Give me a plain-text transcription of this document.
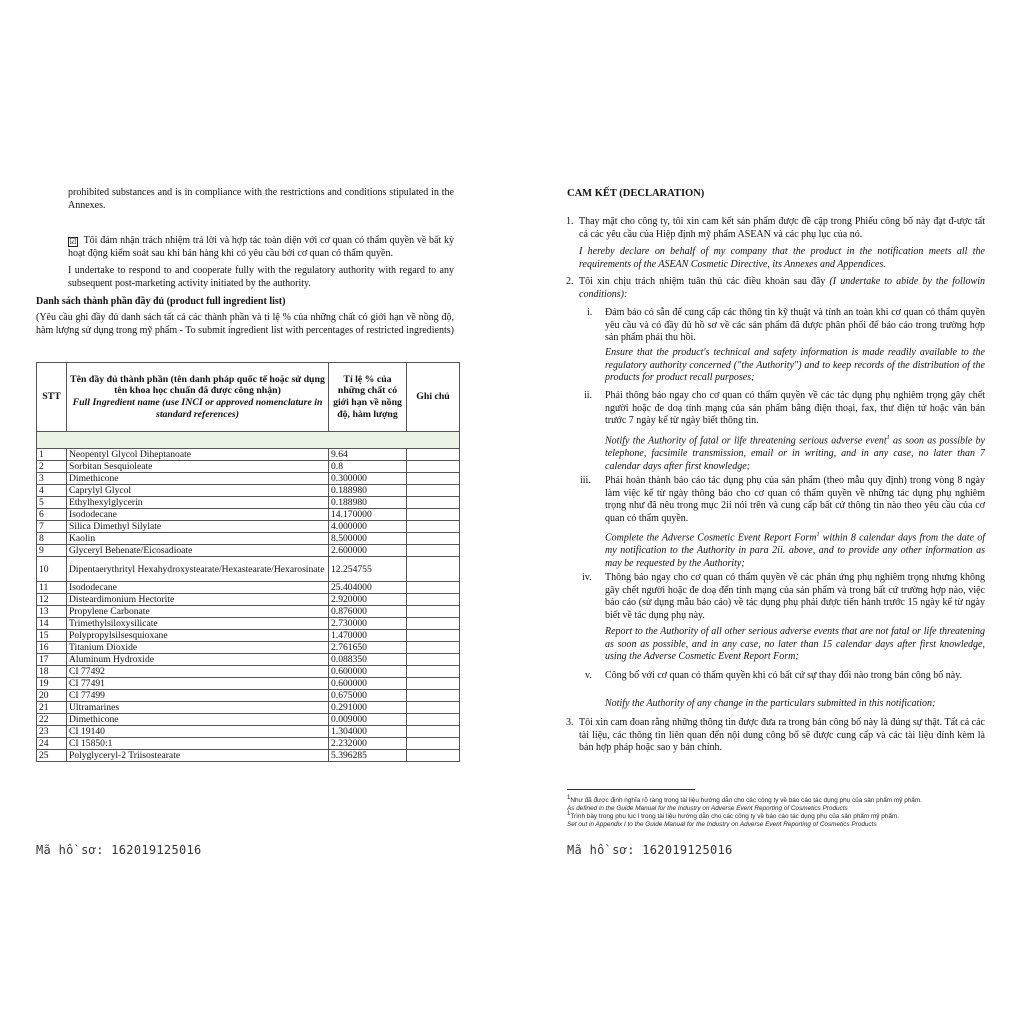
prohibited substances and is in compliance with the restrictions and conditions stipulated in the Annexes.
☑ Tôi đảm nhận trách nhiệm trả lời và hợp tác toàn diện với cơ quan có thẩm quyền về bất kỳ hoạt động kiểm soát sau khi bán hàng khi có yêu cầu bởi cơ quan có thẩm quyền.
I undertake to respond to and cooperate fully with the regulatory authority with regard to any subsequent post-marketing activity initiated by the authority.
Danh sách thành phần đầy đủ (product full ingredient list)
(Yêu cầu ghi đầy đủ danh sách tất cả các thành phần và tỉ lệ % của những chất có giới hạn về nồng độ, hàm lượng sử dụng trong mỹ phẩm - To submit ingredient list with percentages of restricted ingredients)
STT	Tên đầy đủ thành phần (tên danh pháp quốc tế hoặc sử dụng tên khoa học chuẩn đã được công nhận)
Full Ingredient name (use INCI or approved nomenclature in standard references)	Tỉ lệ % của những chất có giới hạn về nồng độ, hàm lượng	Ghi chú

1	Neopentyl Glycol Diheptanoate	9.64	
2	Sorbitan Sesquioleate	0.8	
3	Dimethicone	0.300000	
4	Caprylyl Glycol	0.188980	
5	Ethylhexylglycerin	0.188980	
6	Isododecane	14.170000	
7	Silica Dimethyl Silylate	4.000000	
8	Kaolin	8.500000	
9	Glyceryl Behenate/Eicosadioate	2.600000	
10	Dipentaerythrityl Hexahydroxystearate/Hexastearate/Hexarosinate	12.254755	
11	Isododecane	25.404000	
12	Disteardimonium Hectorite	2.920000	
13	Propylene Carbonate	0.876000	
14	Trimethylsiloxysilicate	2.730000	
15	Polypropylsilsesquioxane	1.470000	
16	Titanium Dioxide	2.761650	
17	Aluminum Hydroxide	0.088350	
18	CI 77492	0.600000	
19	CI 77491	0.600000	
20	CI 77499	0.675000	
21	Ultramarines	0.291000	
22	Dimethicone	0.009000	
23	CI 19140	1.304000	
24	CI 15850:1	2.232000	
25	Polyglyceryl-2 Triisostearate	5.396285	
Mã hồ sơ: 162019125016
CAM KẾT (DECLARATION)
1. Thay mặt cho công ty, tôi xin cam kết sản phẩm được đề cập trong Phiếu công bố này đạt đ-ược tất cả các yêu cầu của Hiệp định mỹ phẩm ASEAN và các phụ lục của nó.
I hereby declare on behalf of my company that the product in the notification meets all the requirements of the ASEAN Cosmetic Directive, its Annexes and Appendices.
2. Tôi xin chịu trách nhiệm tuân thủ các điều khoản sau đây (I undertake to abide by the followin conditions):
i. Đảm bảo có sẵn để cung cấp các thông tin kỹ thuật và tính an toàn khi cơ quan có thẩm quyền yêu cầu và có đầy đủ hồ sơ về các sản phẩm đã được phân phối để báo cáo trong trường hợp sản phẩm phải thu hồi.
Ensure that the product's technical and safety information is made readily available to the regulatory authority concerned ("the Authority") and to keep records of the distribution of the products for product recall purposes;
ii. Phải thông báo ngay cho cơ quan có thẩm quyền về các tác dụng phụ nghiêm trọng gây chết người hoặc đe doạ tính mạng của sản phẩm bằng điện thoại, fax, thư điện tử hoặc văn bản trước 7 ngày kể từ ngày biết thông tin.
Notify the Authority of fatal or life threatening serious adverse event$^1$ as soon as possible by telephone, facsimile transmission, email or in writing, and in any case, no later than 7 calendar days after first knowledge;
iii. Phải hoàn thành báo cáo tác dụng phụ của sản phẩm (theo mẫu quy định) trong vòng 8 ngày làm việc kể từ ngày thông báo cho cơ quan có thẩm quyền về những tác dụng phụ nghiêm trọng như đã nêu trong mục 2ii nói trên và cung cấp bất cứ thông tin nào theo yêu cầu của cơ quan có thẩm quyền.
Complete the Adverse Cosmetic Event Report Form$^1$ within 8 calendar days from the date of my notification to the Authority in para 2ii. above, and to provide any other information as may be requested by the Authority;
iv. Thông báo ngay cho cơ quan có thẩm quyền về các phản ứng phụ nghiêm trọng nhưng không gây chết người hoặc đe doạ đến tính mạng của sản phẩm và trong bất cứ trường hợp nào, việc báo cáo (sử dụng mẫu báo cáo) về tác dụng phụ phải được tiến hành trước 15 ngày kể từ ngày biết về tác dụng phụ này.
Report to the Authority of all other serious adverse events that are not fatal or life threatening as soon as possible, and in any case, no later than 15 calendar days after first knowledge, using the Adverse Cosmetic Event Report Form;
v. Công bố với cơ quan có thẩm quyền khi có bất cứ sự thay đổi nào trong bản công bố này.
Notify the Authority of any change in the particulars submitted in this notification;
3. Tôi xin cam đoan rằng những thông tin được đưa ra trong bản công bố này là đúng sự thật. Tất cả các tài liệu, các thông tin liên quan đến nội dung công bố sẽ được cung cấp và các tài liệu đính kèm là bản hợp pháp hoặc sao y bản chính.
$^1$Như đã được định nghĩa rõ ràng trong tài liệu hướng dẫn cho các công ty về báo cáo tác dụng phụ của sản phẩm mỹ phẩm.
As defined in the Guide Manual for the Industry on Adverse Event Reporting of Cosmetics Products
$^1$Trình bày trong phụ lục I trong tài liệu hướng dẫn cho các công ty về báo cáo tác dụng phụ của sản phẩm mỹ phẩm.
Set out in Appendix I to the Guide Manual for the Industry on Adverse Event Reporting of Cosmetics Products
Mã hồ sơ: 162019125016
